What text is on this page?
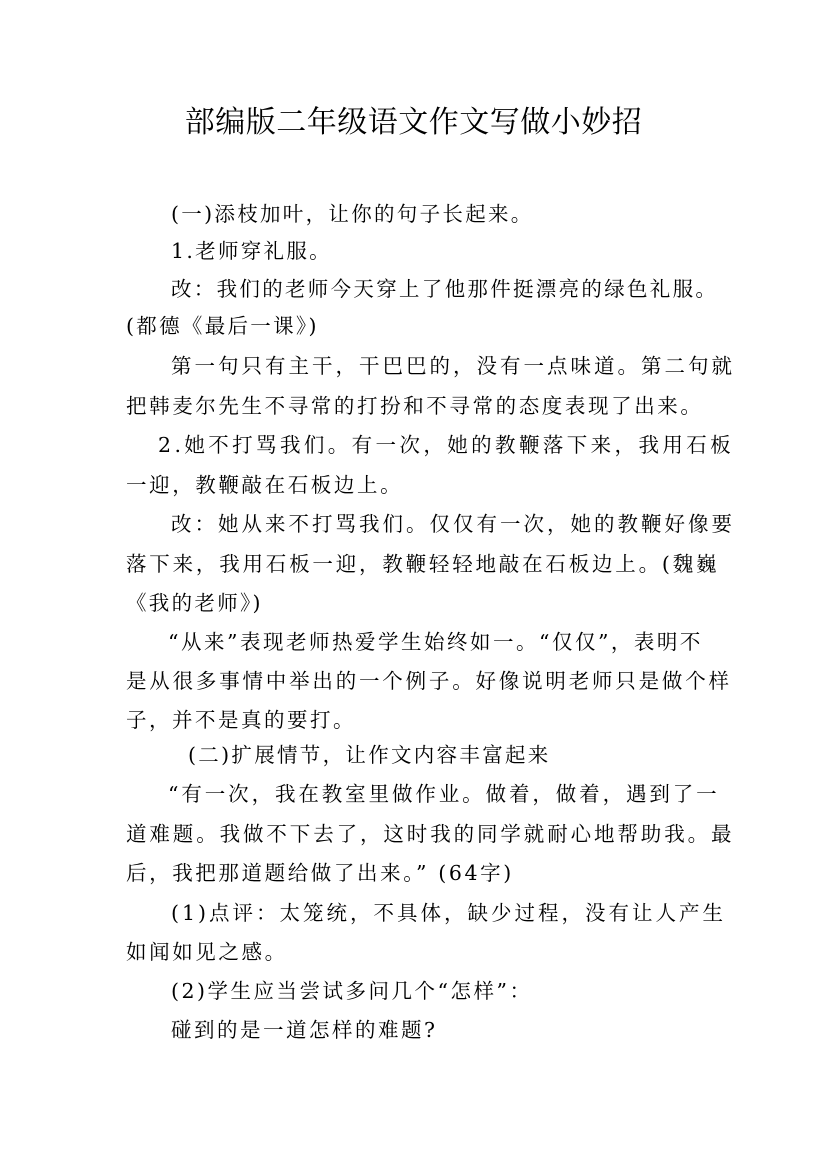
部编版二年级语文作文写做小妙招

(一)添枝加叶，让你的句子长起来。

1.老师穿礼服。

改：我们的老师今天穿上了他那件挺漂亮的绿色礼服。

(都德《最后一课》)

第一句只有主干，干巴巴的，没有一点味道。第二句就

把韩麦尔先生不寻常的打扮和不寻常的态度表现了出来。

2.她不打骂我们。有一次，她的教鞭落下来，我用石板

一迎，教鞭敲在石板边上。

改：她从来不打骂我们。仅仅有一次，她的教鞭好像要

落下来，我用石板一迎，教鞭轻轻地敲在石板边上。(魏巍

《我的老师》)

“从来”表现老师热爱学生始终如一。“仅仅”，表明不

是从很多事情中举出的一个例子。好像说明老师只是做个样

子，并不是真的要打。

(二)扩展情节，让作文内容丰富起来

“有一次，我在教室里做作业。做着，做着，遇到了一

道难题。我做不下去了，这时我的同学就耐心地帮助我。最

后，我把那道题给做了出来。” (64字)

(1)点评：太笼统，不具体，缺少过程，没有让人产生

如闻如见之感。

(2)学生应当尝试多问几个“怎样”：

碰到的是一道怎样的难题?
